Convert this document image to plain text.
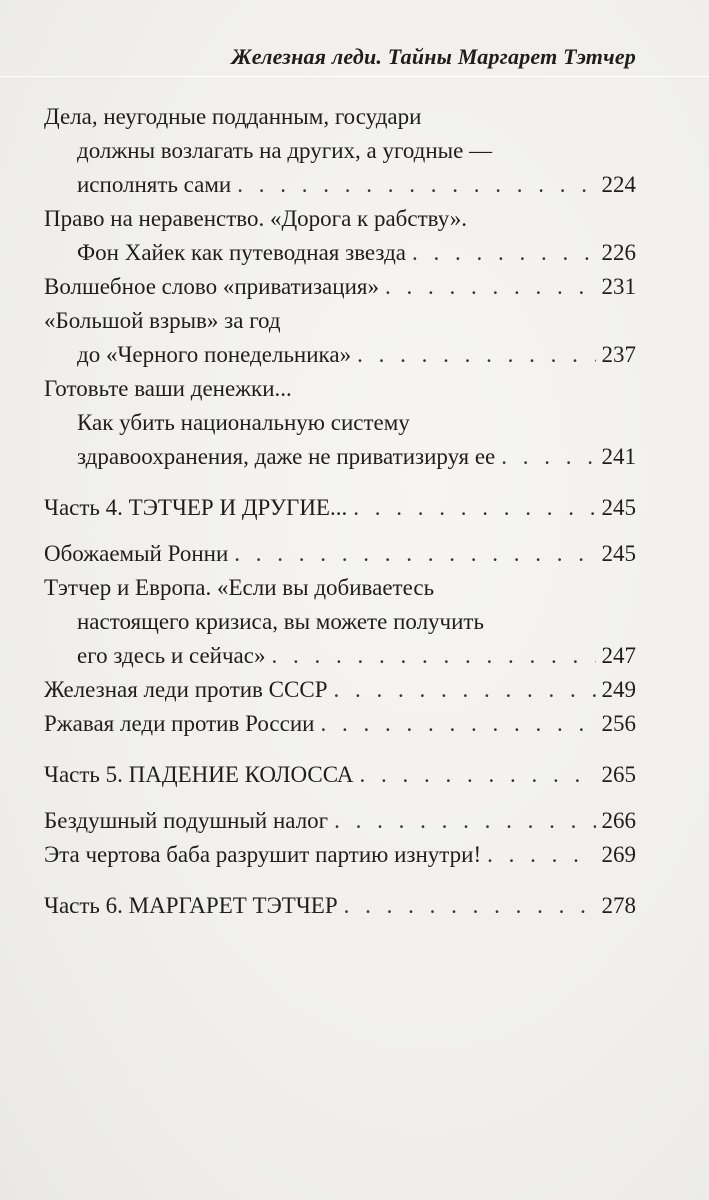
Железная леди. Тайны Маргарет Тэтчер
Дела, неугодные подданным, государи
должны возлагать на других, а угодные —
исполнять сами . . .	224
Право на неравенство. «Дорога к рабству».
Фон Хайек как путеводная звезда . . .	226
Волшебное слово «приватизация» . . .	231
«Большой взрыв» за год
до «Черного понедельника» . . .	237
Готовьте ваши денежки...
Как убить национальную систему
здравоохранения, даже не приватизируя ее . . .	241
Часть 4. ТЭТЧЕР И ДРУГИЕ... . . .	245
Обожаемый Ронни . . .	245
Тэтчер и Европа. «Если вы добиваетесь
настоящего кризиса, вы можете получить
его здесь и сейчас» . . .	247
Железная леди против СССР . . .	249
Ржавая леди против России . . .	256
Часть 5. ПАДЕНИЕ КОЛОССА . . .	265
Бездушный подушный налог . . .	266
Эта чертова баба разрушит партию изнутри! . . .	269
Часть 6. МАРГАРЕТ ТЭТЧЕР . . .	278
